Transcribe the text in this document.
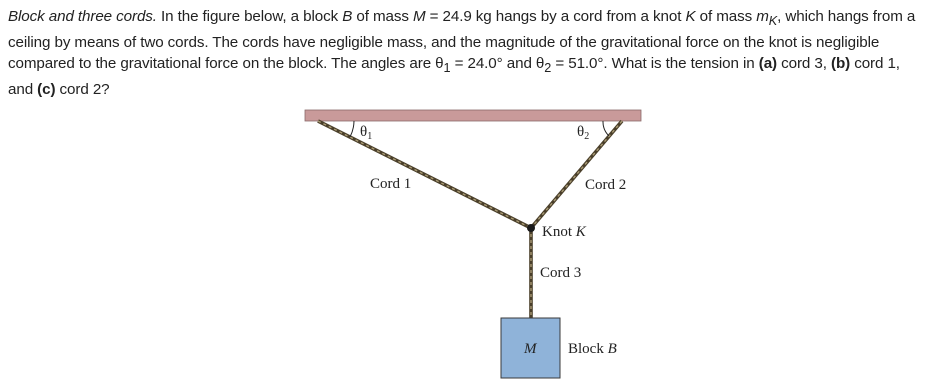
Block and three cords. In the figure below, a block B of mass M = 24.9 kg hangs by a cord from a knot K of mass $m_K$, which hangs from a ceiling by means of two cords. The cords have negligible mass, and the magnitude of the gravitational force on the knot is negligible compared to the gravitational force on the block. The angles are $\theta_1 = 24.0^\circ$ and $\theta_2 = 51.0^\circ$. What is the tension in (a) cord 3, (b) cord 1, and (c) cord 2?
$\theta_1$	$\theta_2$
Cord 1	Cord 2
Knot K
Cord 3
M Block B
